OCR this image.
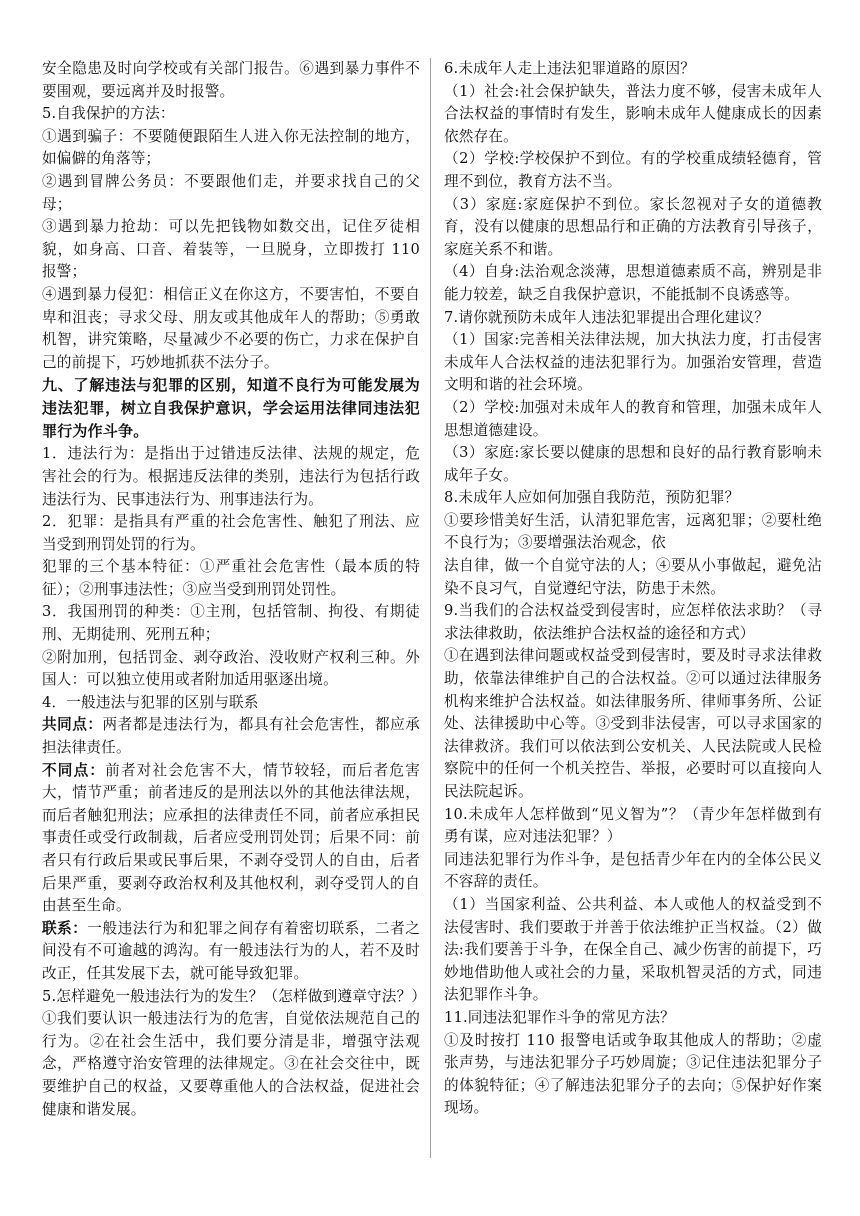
安全隐患及时向学校或有关部门报告。⑥遇到暴力事件不要围观，要远离并及时报警。

5.自我保护的方法：

①遇到骗子：不要随便跟陌生人进入你无法控制的地方，如偏僻的角落等；

②遇到冒牌公务员：不要跟他们走，并要求找自己的父母；

③遇到暴力抢劫：可以先把钱物如数交出，记住歹徒相貌，如身高、口音、着装等，一旦脱身，立即拨打 110 报警；

④遇到暴力侵犯：相信正义在你这方，不要害怕，不要自卑和沮丧；寻求父母、朋友或其他成年人的帮助；⑤勇敢机智，讲究策略，尽量减少不必要的伤亡，力求在保护自己的前提下，巧妙地抓获不法分子。

九、了解违法与犯罪的区别，知道不良行为可能发展为违法犯罪，树立自我保护意识，学会运用法律同违法犯罪行为作斗争。

1．违法行为：是指出于过错违反法律、法规的规定，危害社会的行为。根据违反法律的类别，违法行为包括行政违法行为、民事违法行为、刑事违法行为。

2．犯罪：是指具有严重的社会危害性、触犯了刑法、应当受到刑罚处罚的行为。

犯罪的三个基本特征：①严重社会危害性（最本质的特征）；②刑事违法性；③应当受到刑罚处罚性。

3．我国刑罚的种类：①主刑，包括管制、拘役、有期徒刑、无期徒刑、死刑五种；

②附加刑，包括罚金、剥夺政治、没收财产权利三种。外国人：可以独立使用或者附加适用驱逐出境。

4．一般违法与犯罪的区别与联系

共同点：两者都是违法行为，都具有社会危害性，都应承担法律责任。

不同点：前者对社会危害不大，情节较轻，而后者危害大，情节严重；前者违反的是刑法以外的其他法律法规，而后者触犯刑法；应承担的法律责任不同，前者应承担民事责任或受行政制裁，后者应受刑罚处罚；后果不同：前者只有行政后果或民事后果，不剥夺受罚人的自由，后者后果严重，要剥夺政治权利及其他权利，剥夺受罚人的自由甚至生命。

联系：一般违法行为和犯罪之间存有着密切联系，二者之间没有不可逾越的鸿沟。有一般违法行为的人，若不及时改正，任其发展下去，就可能导致犯罪。

5.怎样避免一般违法行为的发生？（怎样做到遵章守法？）

①我们要认识一般违法行为的危害，自觉依法规范自己的行为。②在社会生活中，我们要分清是非，增强守法观念，严格遵守治安管理的法律规定。③在社会交往中，既要维护自己的权益，又要尊重他人的合法权益，促进社会健康和谐发展。

6.未成年人走上违法犯罪道路的原因？

（1）社会:社会保护缺失，普法力度不够，侵害未成年人合法权益的事情时有发生，影响未成年人健康成长的因素依然存在。

（2）学校:学校保护不到位。有的学校重成绩轻德育，管理不到位，教育方法不当。

（3）家庭:家庭保护不到位。家长忽视对子女的道德教育，没有以健康的思想品行和正确的方法教育引导孩子，家庭关系不和谐。

（4）自身:法治观念淡薄，思想道德素质不高，辨别是非能力较差，缺乏自我保护意识，不能抵制不良诱惑等。

7.请你就预防未成年人违法犯罪提出合理化建议？

（1）国家:完善相关法律法规，加大执法力度，打击侵害未成年人合法权益的违法犯罪行为。加强治安管理，营造文明和谐的社会环境。

（2）学校:加强对未成年人的教育和管理，加强未成年人思想道德建设。

（3）家庭:家长要以健康的思想和良好的品行教育影响未成年子女。

8.未成年人应如何加强自我防范，预防犯罪？

①要珍惜美好生活，认清犯罪危害，远离犯罪；②要杜绝不良行为；③要增强法治观念，依

法自律，做一个自觉守法的人；④要从小事做起，避免沾染不良习气，自觉遵纪守法，防患于未然。

9.当我们的合法权益受到侵害时，应怎样依法求助？（寻求法律救助，依法维护合法权益的途径和方式）

①在遇到法律问题或权益受到侵害时，要及时寻求法律救助，依靠法律维护自己的合法权益。②可以通过法律服务机构来维护合法权益。如法律服务所、律师事务所、公证处、法律援助中心等。③受到非法侵害，可以寻求国家的法律救济。我们可以依法到公安机关、人民法院或人民检察院中的任何一个机关控告、举报，必要时可以直接向人民法院起诉。

10.未成年人怎样做到“见义智为”？（青少年怎样做到有勇有谋，应对违法犯罪？）

同违法犯罪行为作斗争，是包括青少年在内的全体公民义不容辞的责任。

（1）当国家利益、公共利益、本人或他人的权益受到不法侵害时、我们要敢于并善于依法维护正当权益。（2）做法:我们要善于斗争，在保全自己、减少伤害的前提下，巧妙地借助他人或社会的力量，采取机智灵活的方式，同违法犯罪作斗争。

11.同违法犯罪作斗争的常见方法？

①及时按打 110 报警电话或争取其他成人的帮助；②虚张声势，与违法犯罪分子巧妙周旋；③记住违法犯罪分子的体貌特征；④了解违法犯罪分子的去向；⑤保护好作案现场。
